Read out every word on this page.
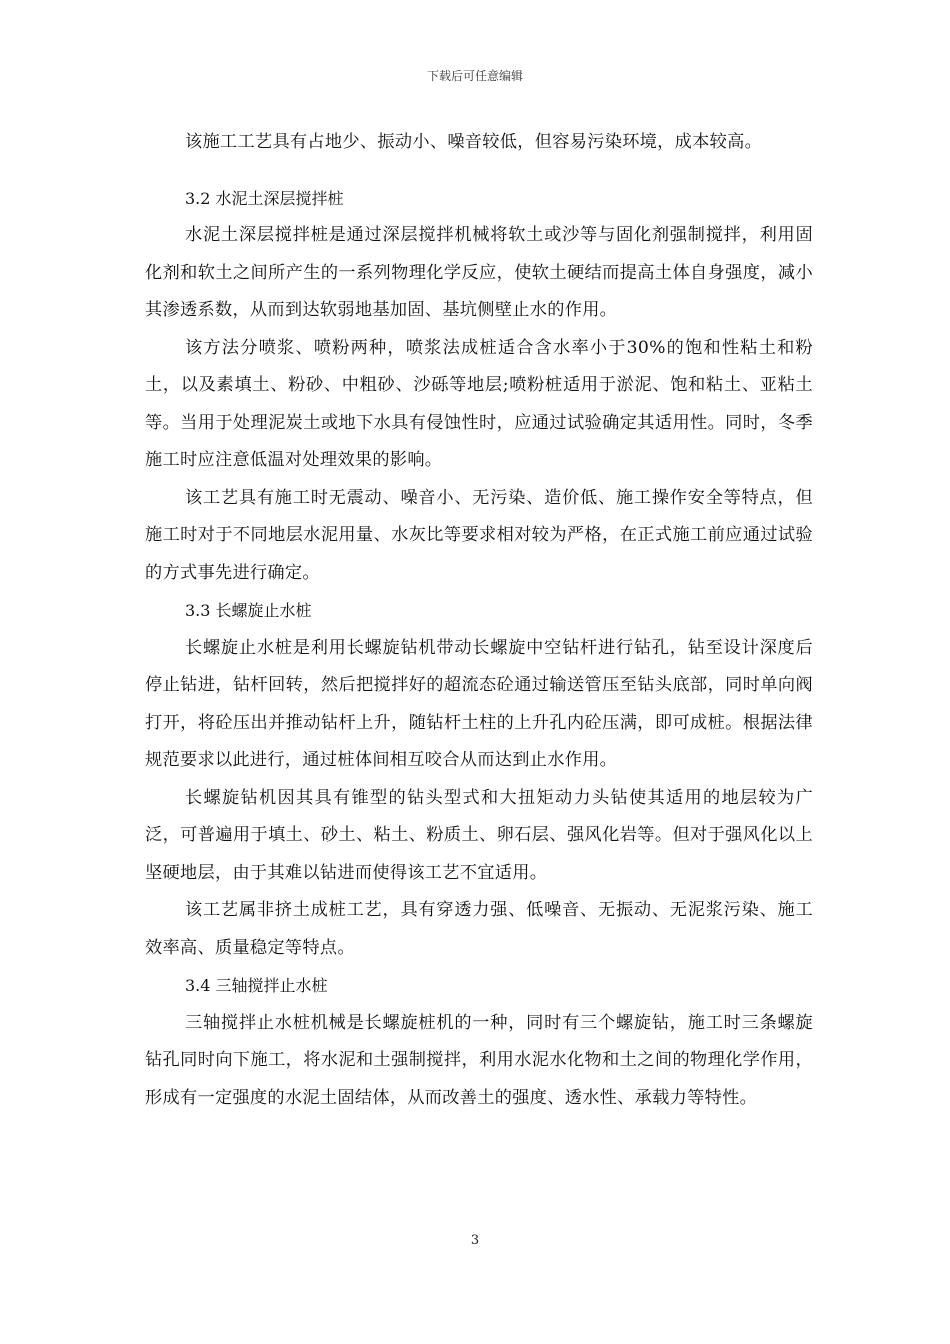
下载后可任意编辑

该施工工艺具有占地少、振动小、噪音较低，但容易污染环境，成本较高。

3.2 水泥土深层搅拌桩

水泥土深层搅拌桩是通过深层搅拌机械将软土或沙等与固化剂强制搅拌，利用固化剂和软土之间所产生的一系列物理化学反应，使软土硬结而提高土体自身强度，减小其渗透系数，从而到达软弱地基加固、基坑侧壁止水的作用。

该方法分喷浆、喷粉两种，喷浆法成桩适合含水率小于30%的饱和性粘土和粉土，以及素填土、粉砂、中粗砂、沙砾等地层;喷粉桩适用于淤泥、饱和粘土、亚粘土等。当用于处理泥炭土或地下水具有侵蚀性时，应通过试验确定其适用性。同时，冬季施工时应注意低温对处理效果的影响。

该工艺具有施工时无震动、噪音小、无污染、造价低、施工操作安全等特点，但施工时对于不同地层水泥用量、水灰比等要求相对较为严格，在正式施工前应通过试验的方式事先进行确定。

3.3 长螺旋止水桩

长螺旋止水桩是利用长螺旋钻机带动长螺旋中空钻杆进行钻孔，钻至设计深度后停止钻进，钻杆回转，然后把搅拌好的超流态砼通过输送管压至钻头底部，同时单向阀打开，将砼压出并推动钻杆上升，随钻杆土柱的上升孔内砼压满，即可成桩。根据法律规范要求以此进行，通过桩体间相互咬合从而达到止水作用。

长螺旋钻机因其具有锥型的钻头型式和大扭矩动力头钻使其适用的地层较为广泛，可普遍用于填土、砂土、粘土、粉质土、卵石层、强风化岩等。但对于强风化以上坚硬地层，由于其难以钻进而使得该工艺不宜适用。

该工艺属非挤土成桩工艺，具有穿透力强、低噪音、无振动、无泥浆污染、施工效率高、质量稳定等特点。

3.4 三轴搅拌止水桩

三轴搅拌止水桩机械是长螺旋桩机的一种，同时有三个螺旋钻，施工时三条螺旋钻孔同时向下施工，将水泥和土强制搅拌，利用水泥水化物和土之间的物理化学作用，形成有一定强度的水泥土固结体，从而改善土的强度、透水性、承载力等特性。

3
